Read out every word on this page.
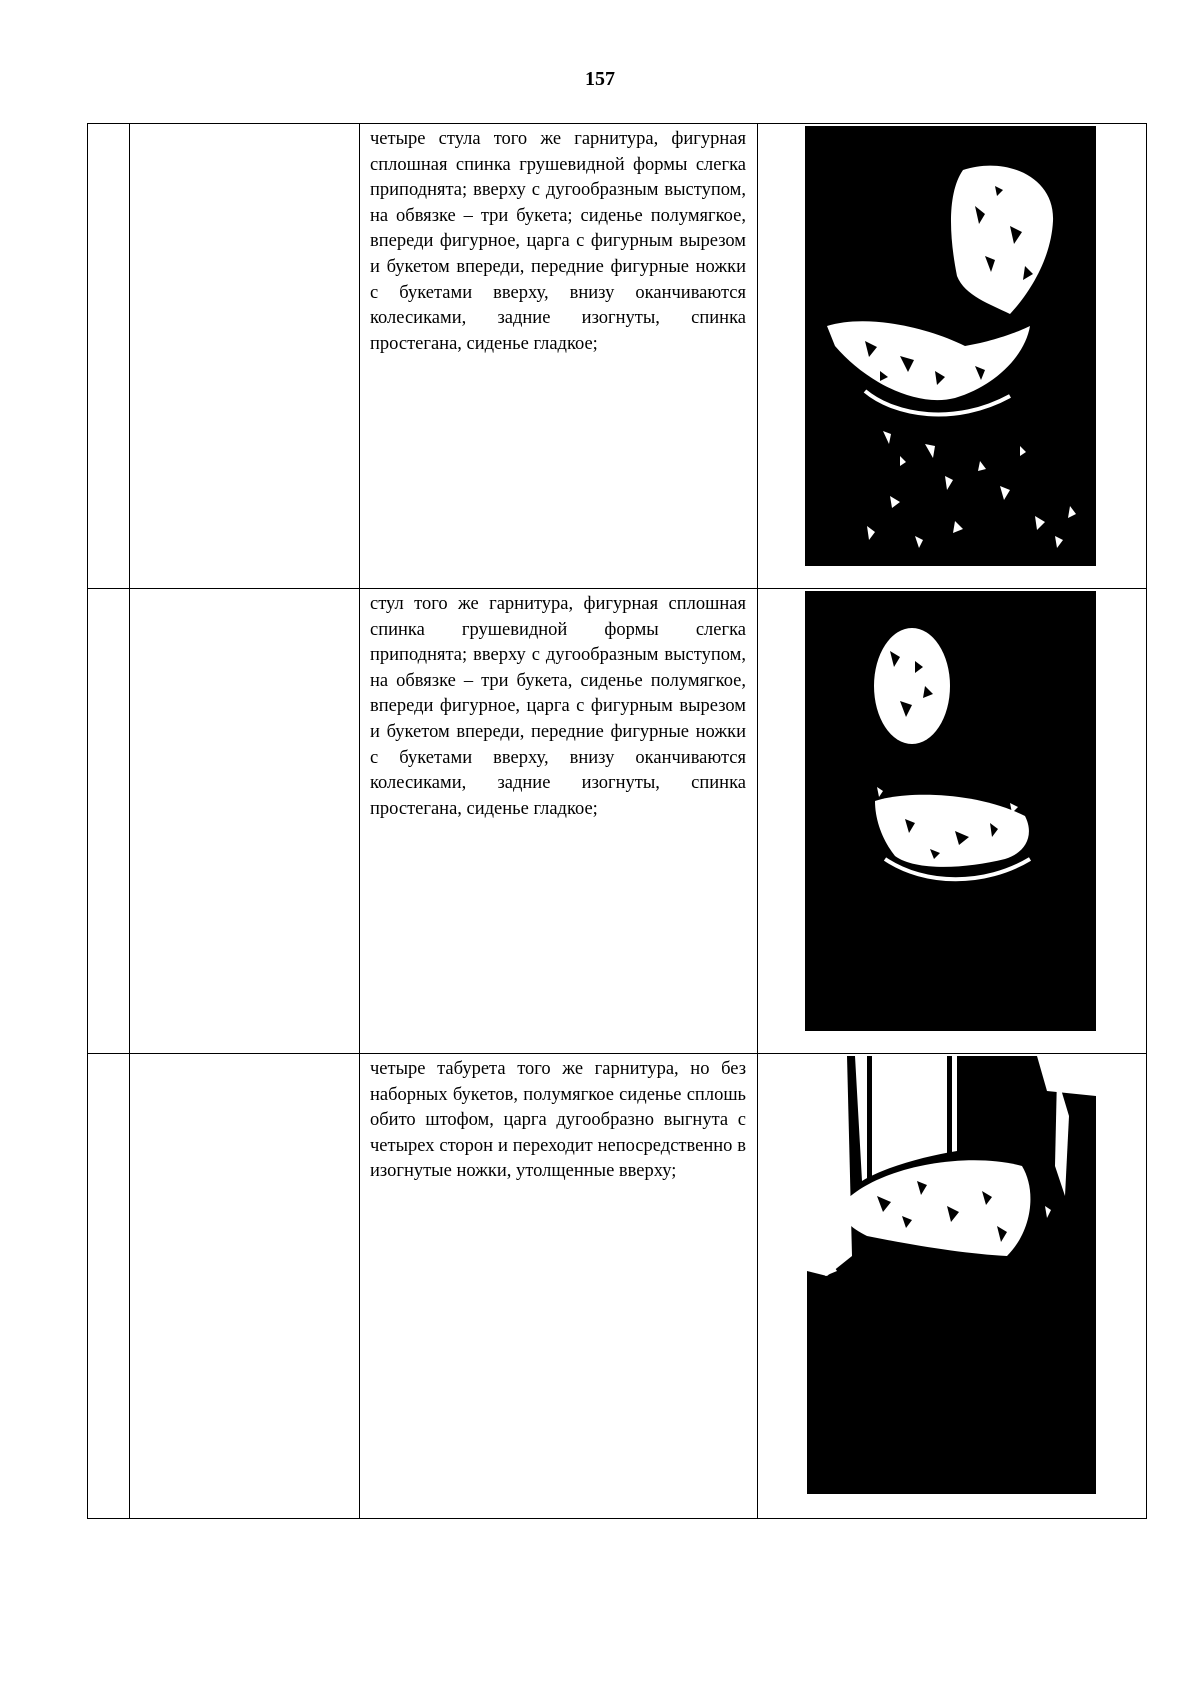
157

		четыре стула того же гарнитура, фигурная сплошная спинка грушевидной формы слегка приподнята; вверху с дугообразным выступом, на обвязке – три букета; сиденье полумягкое, впереди фигурное, царга с фигурным вырезом и букетом впереди, передние фигурные ножки с букетами вверху, внизу оканчиваются колесиками, задние изогнуты, спинка простегана, сиденье гладкое;

		стул того же гарнитура, фигурная сплошная спинка грушевидной формы слегка приподнята; вверху с дугообразным выступом, на обвязке – три букета, сиденье полумягкое, впереди фигурное, царга с фигурным вырезом и букетом впереди, передние фигурные ножки с букетами вверху, внизу оканчиваются колесиками, задние изогнуты, спинка простегана, сиденье гладкое;

		четыре табурета того же гарнитура, но без наборных букетов, полумягкое сиденье сплошь обито штофом, царга дугообразно выгнута с четырех сторон и переходит непосредственно в изогнутые ножки, утолщенные вверху;
